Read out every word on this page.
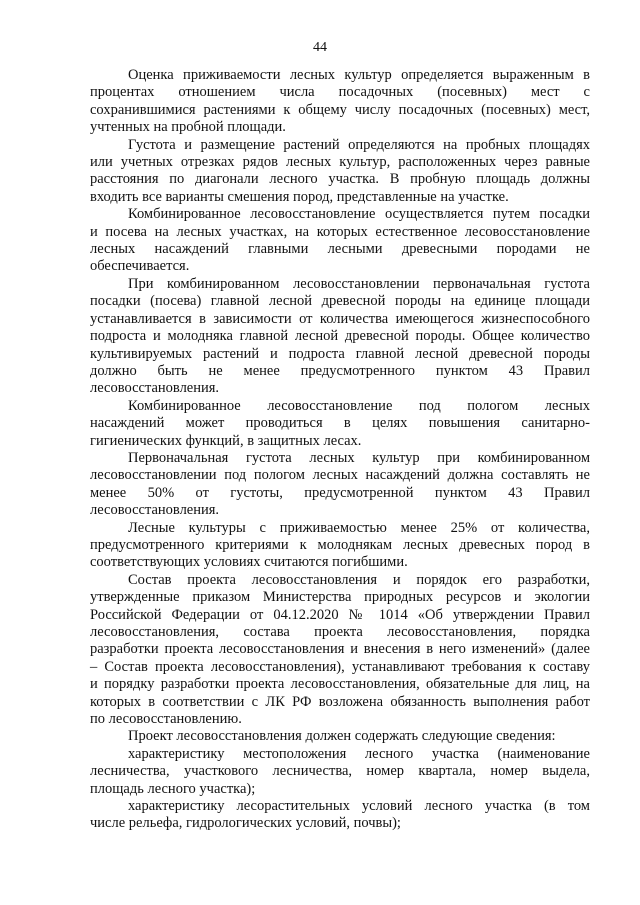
44
Оценка приживаемости лесных культур определяется выраженным в
процентах отношением числа посадочных (посевных) мест с
сохранившимися растениями к общему числу посадочных (посевных) мест,
учтенных на пробной площади.
Густота и размещение растений определяются на пробных площадях
или учетных отрезках рядов лесных культур, расположенных через равные
расстояния по диагонали лесного участка. В пробную площадь должны
входить все варианты смешения пород, представленные на участке.
Комбинированное лесовосстановление осуществляется путем посадки
и посева на лесных участках, на которых естественное лесовосстановление
лесных насаждений главными лесными древесными породами не
обеспечивается.
При комбинированном лесовосстановлении первоначальная густота
посадки (посева) главной лесной древесной породы на единице площади
устанавливается в зависимости от количества имеющегося жизнеспособного
подроста и молодняка главной лесной древесной породы. Общее количество
культивируемых растений и подроста главной лесной древесной породы
должно быть не менее предусмотренного пунктом 43 Правил
лесовосстановления.
Комбинированное лесовосстановление под пологом лесных
насаждений может проводиться в целях повышения санитарно-
гигиенических функций, в защитных лесах.
Первоначальная густота лесных культур при комбинированном
лесовосстановлении под пологом лесных насаждений должна составлять не
менее 50% от густоты, предусмотренной пунктом 43 Правил
лесовосстановления.
Лесные культуры с приживаемостью менее 25% от количества,
предусмотренного критериями к молоднякам лесных древесных пород в
соответствующих условиях считаются погибшими.
Состав проекта лесовосстановления и порядок его разработки,
утвержденные приказом Министерства природных ресурсов и экологии
Российской Федерации от 04.12.2020 № 1014 «Об утверждении Правил
лесовосстановления, состава проекта лесовосстановления, порядка
разработки проекта лесовосстановления и внесения в него изменений» (далее
– Состав проекта лесовосстановления), устанавливают требования к составу
и порядку разработки проекта лесовосстановления, обязательные для лиц, на
которых в соответствии с ЛК РФ возложена обязанность выполнения работ
по лесовосстановлению.
Проект лесовосстановления должен содержать следующие сведения:
характеристику местоположения лесного участка (наименование
лесничества, участкового лесничества, номер квартала, номер выдела,
площадь лесного участка);
характеристику лесорастительных условий лесного участка (в том
числе рельефа, гидрологических условий, почвы);
